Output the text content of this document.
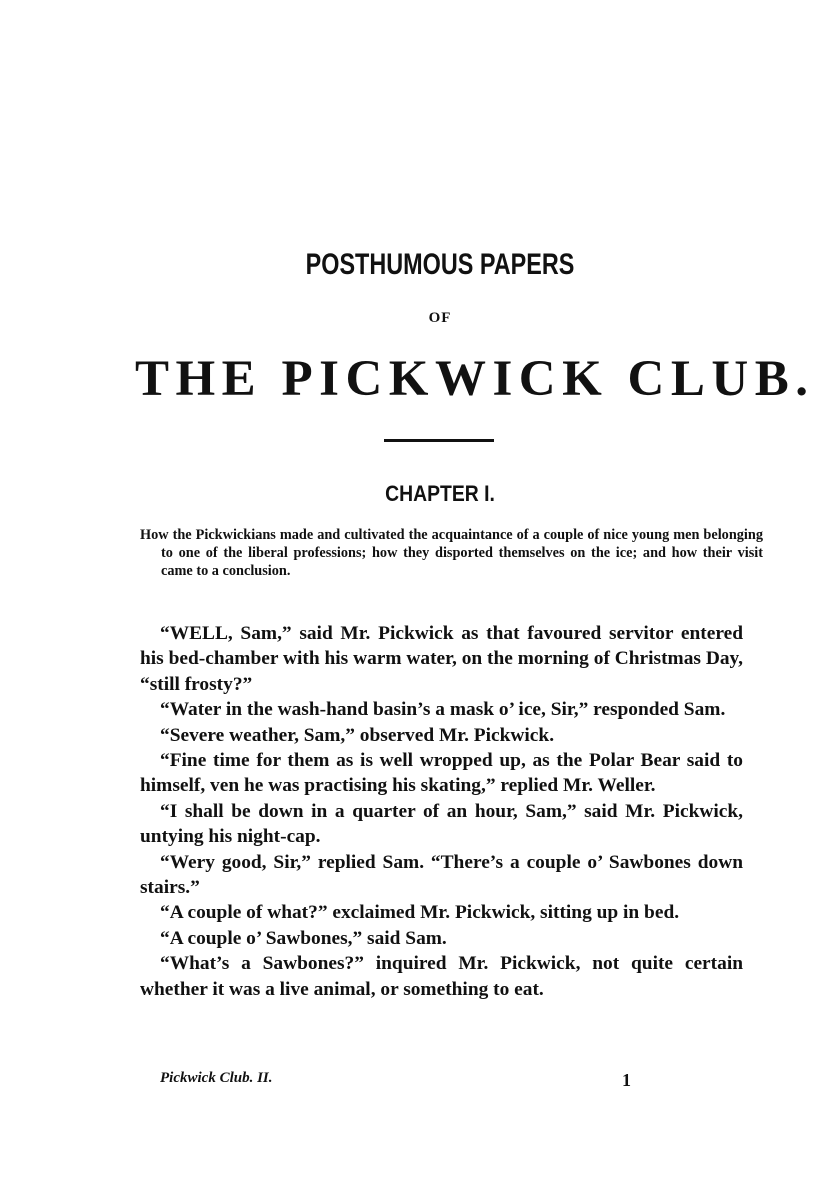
POSTHUMOUS PAPERS
OF
THE PICKWICK CLUB.
CHAPTER I.

How the Pickwickians made and cultivated the acquaintance of a couple of nice young men belonging to one of the liberal professions; how they disported themselves on the ice; and how their visit came to a conclusion.

“WELL, Sam,” said Mr. Pickwick as that favoured servitor entered his bed-chamber with his warm water, on the morning of Christmas Day, “still frosty?”

“Water in the wash-hand basin’s a mask o’ ice, Sir,” responded Sam.

“Severe weather, Sam,” observed Mr. Pickwick.

“Fine time for them as is well wropped up, as the Polar Bear said to himself, ven he was practising his skating,” replied Mr. Weller.

“I shall be down in a quarter of an hour, Sam,” said Mr. Pickwick, untying his night-cap.

“Wery good, Sir,” replied Sam. “There’s a couple o’ Sawbones down stairs.”

“A couple of what?” exclaimed Mr. Pickwick, sitting up in bed.

“A couple o’ Sawbones,” said Sam.

“What’s a Sawbones?” inquired Mr. Pickwick, not quite certain whether it was a live animal, or something to eat.

Pickwick Club. II.	1
